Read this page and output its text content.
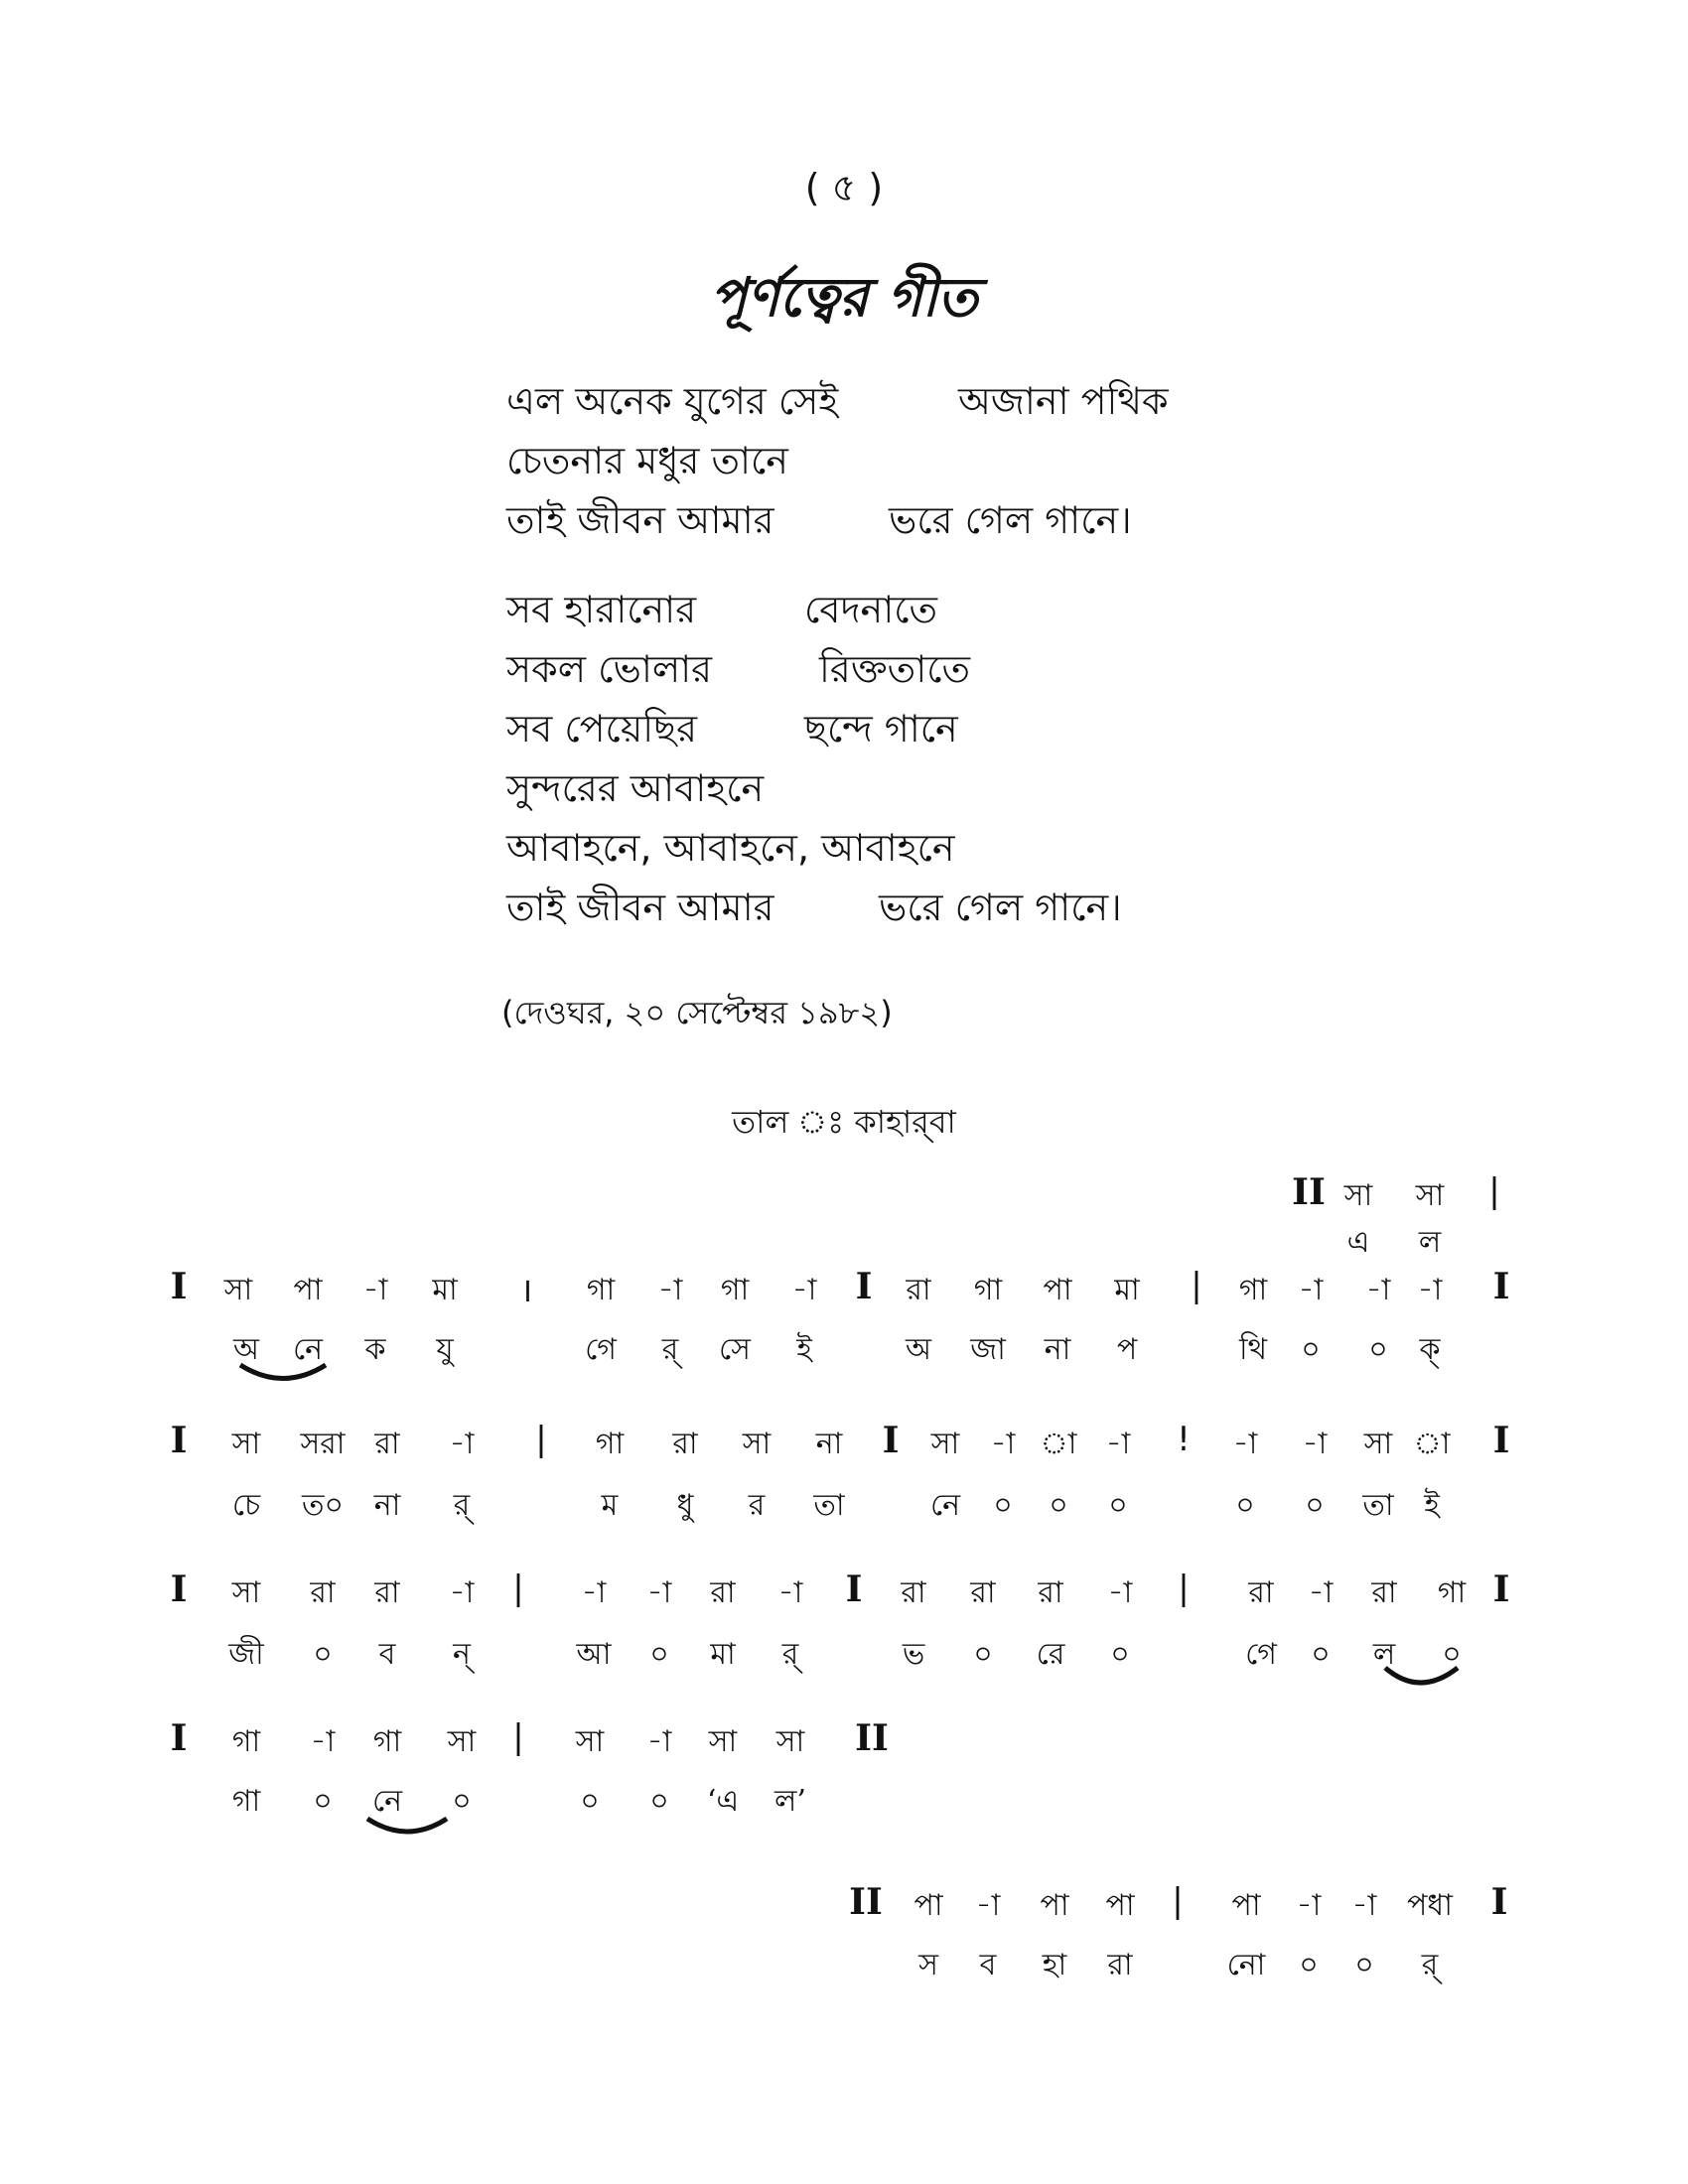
( ৫ )
পূর্ণত্বের গীত
এল অনেক যুগের সেই	অজানা পথিক
চেতনার মধুর তানে
তাই জীবন আমার	ভরে গেল গানে।
সব হারানোর	বেদনাতে
সকল ভোলার	রিক্ততাতে
সব পেয়েছির	ছন্দে গানে
সুন্দরের আবাহনে
আবাহনে, আবাহনে, আবাহনে
তাই জীবন আমার	ভরে গেল গানে।
(দেওঘর, ২০ সেপ্টেম্বর ১৯৮২)
তাল ঃ কাহার্‌বা
II সা সা |
এ ল
I সা পা -া মা । গা -া গা -া I রা গা পা মা | গা -া -া -া I
অ নে ক যু	গে র্ সে ই	অ জা না প	থি ০ ০ ক্
I সা সরা রা -া | গা রা সা না I সা -া া -া ! -া -া সা া I
চে ত০ না র্	ম ধু র তা	নে ০ ০ ০	০ ০ তা ই
I সা রা রা -া | -া -া রা -া I রা রা রা -া | রা -া রা গা I
জী ০ ব ন্	আ ০ মা র্	ভ ০ রে ০	গে ০ ল ০
I গা -া গা সা | সা -া সা সা II
গা ০ নে ০	০ ০ ‘এ ল’
II পা -া পা পা | পা -া -া পধা I
স ব হা রা	নো ০ ০ র্
